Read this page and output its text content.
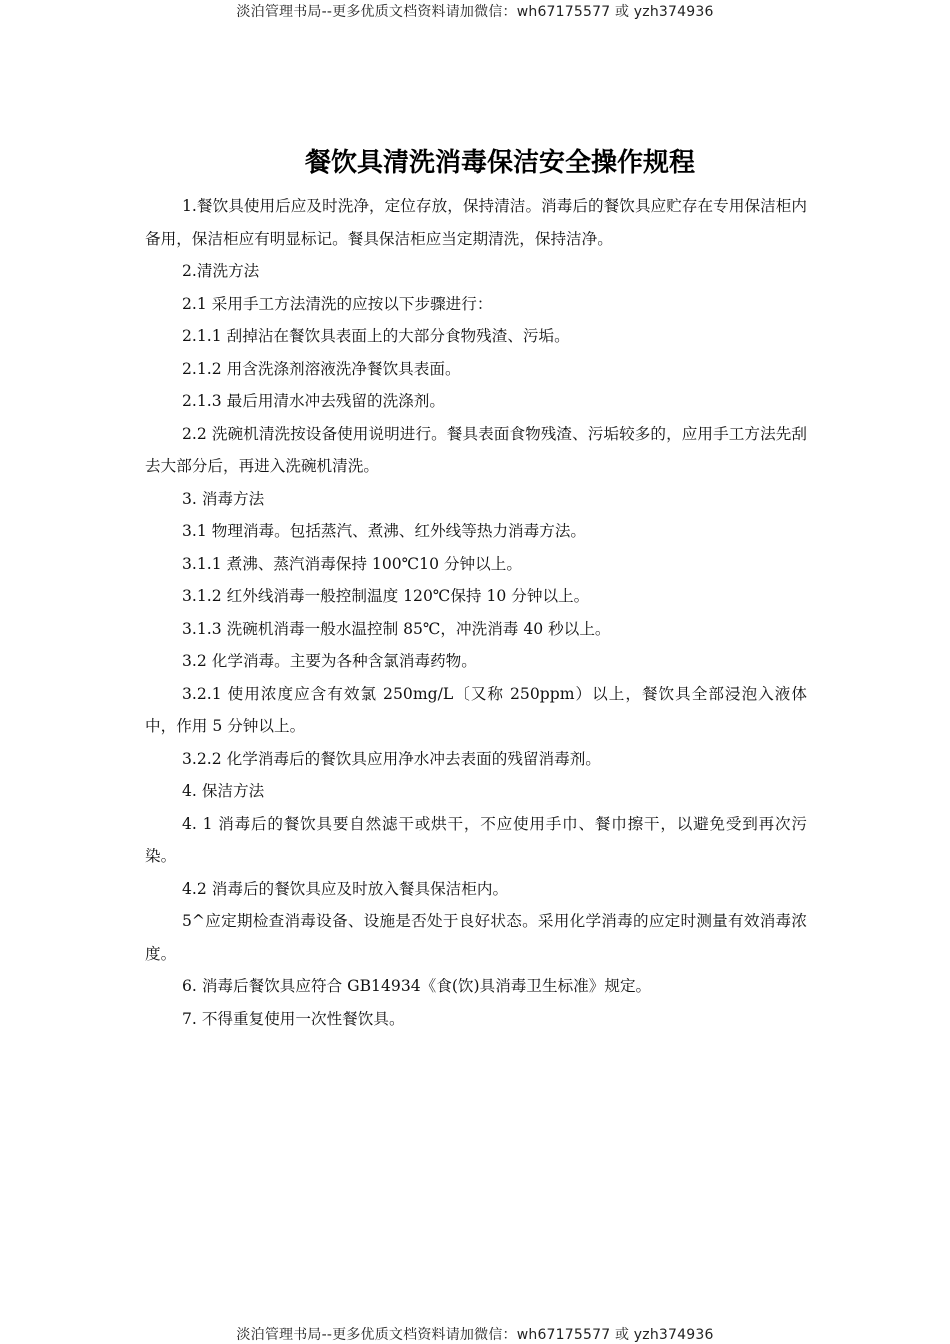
淡泊管理书局--更多优质文档资料请加微信：wh67175577 或 yzh374936
餐饮具清洗消毒保洁安全操作规程

1.餐饮具使用后应及时洗净，定位存放，保持清洁。消毒后的餐饮具应贮存在专用保洁柜内备用，保洁柜应有明显标记。餐具保洁柜应当定期清洗，保持洁净。

2.清洗方法

2.1 采用手工方法清洗的应按以下步骤进行：

2.1.1 刮掉沾在餐饮具表面上的大部分食物残渣、污垢。

2.1.2 用含洗涤剂溶液洗净餐饮具表面。

2.1.3 最后用清水冲去残留的洗涤剂。

2.2 洗碗机清洗按设备使用说明进行。餐具表面食物残渣、污垢较多的，应用手工方法先刮去大部分后，再进入洗碗机清洗。

3. 消毒方法

3.1 物理消毒。包括蒸汽、煮沸、红外线等热力消毒方法。

3.1.1 煮沸、蒸汽消毒保持 100℃10 分钟以上。

3.1.2 红外线消毒一般控制温度 120℃保持 10 分钟以上。

3.1.3 洗碗机消毒一般水温控制 85℃，冲洗消毒 40 秒以上。

3.2 化学消毒。主要为各种含氯消毒药物。

3.2.1 使用浓度应含有效氯 250mg/L〔又称 250ppm）以上，餐饮具全部浸泡入液体中，作用 5 分钟以上。

3.2.2 化学消毒后的餐饮具应用净水冲去表面的残留消毒剂。

4. 保洁方法

4. 1 消毒后的餐饮具要自然滤干或烘干，不应使用手巾、餐巾擦干，以避免受到再次污染。

4.2 消毒后的餐饮具应及时放入餐具保洁柜内。

5^应定期检查消毒设备、设施是否处于良好状态。采用化学消毒的应定时测量有效消毒浓度。

6. 消毒后餐饮具应符合 GB14934《食(饮)具消毒卫生标准》规定。

7. 不得重复使用一次性餐饮具。

淡泊管理书局--更多优质文档资料请加微信：wh67175577 或 yzh374936
